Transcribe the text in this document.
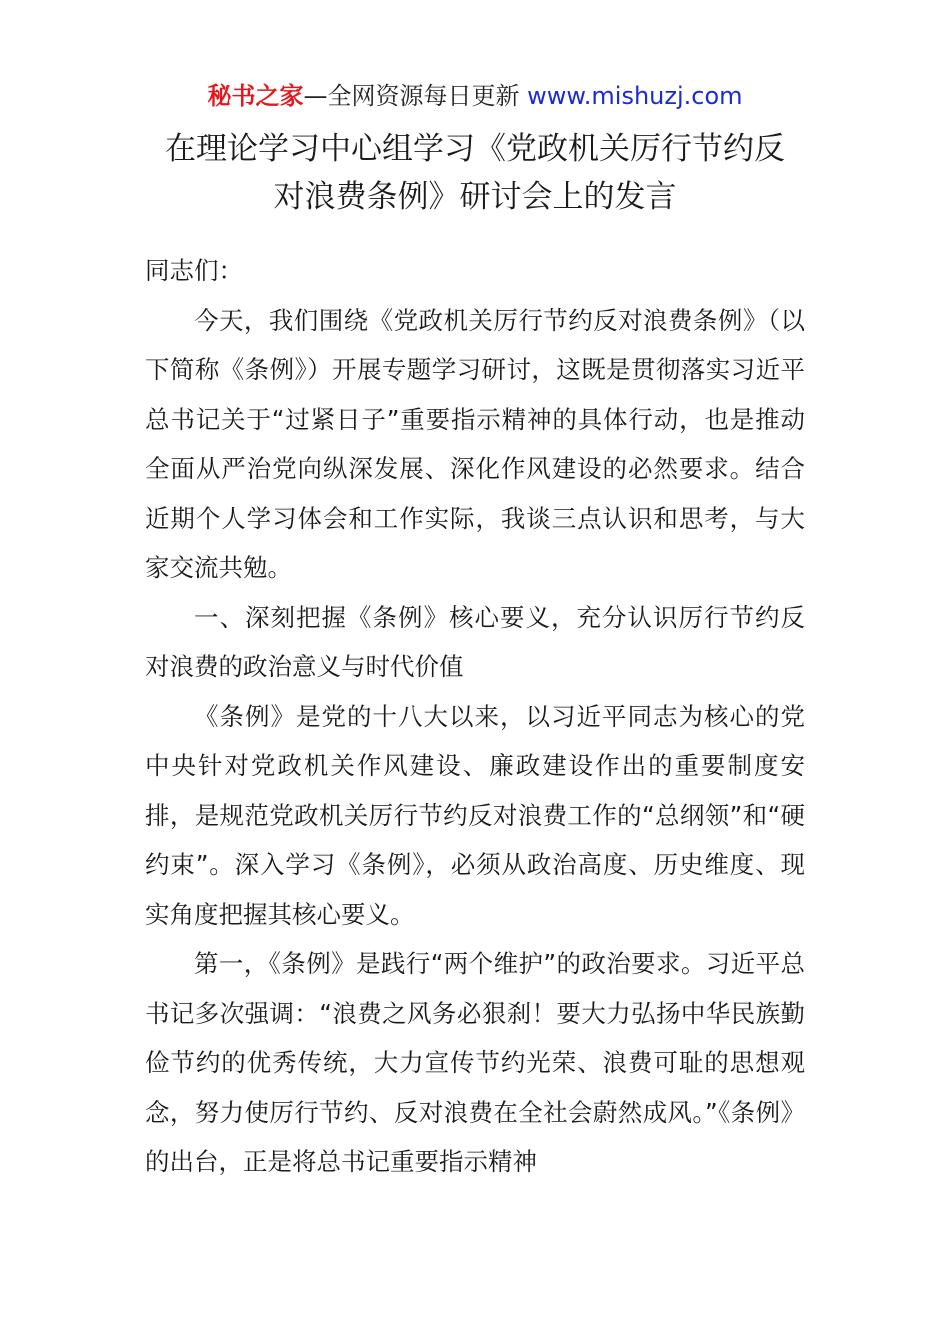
秘书之家—全网资源每日更新 www.mishuzj.com
在理论学习中心组学习《党政机关厉行节约反
对浪费条例》研讨会上的发言

同志们：

今天，我们围绕《党政机关厉行节约反对浪费条例》（以下简称《条例》）开展专题学习研讨，这既是贯彻落实习近平总书记关于“过紧日子”重要指示精神的具体行动，也是推动全面从严治党向纵深发展、深化作风建设的必然要求。结合近期个人学习体会和工作实际，我谈三点认识和思考，与大家交流共勉。

一、深刻把握《条例》核心要义，充分认识厉行节约反对浪费的政治意义与时代价值

《条例》是党的十八大以来，以习近平同志为核心的党中央针对党政机关作风建设、廉政建设作出的重要制度安排，是规范党政机关厉行节约反对浪费工作的“总纲领”和“硬约束”。深入学习《条例》，必须从政治高度、历史维度、现实角度把握其核心要义。

第一，《条例》是践行“两个维护”的政治要求。习近平总书记多次强调：“浪费之风务必狠刹！要大力弘扬中华民族勤俭节约的优秀传统，大力宣传节约光荣、浪费可耻的思想观念，努力使厉行节约、反对浪费在全社会蔚然成风。”《条例》的出台，正是将总书记重要指示精神
